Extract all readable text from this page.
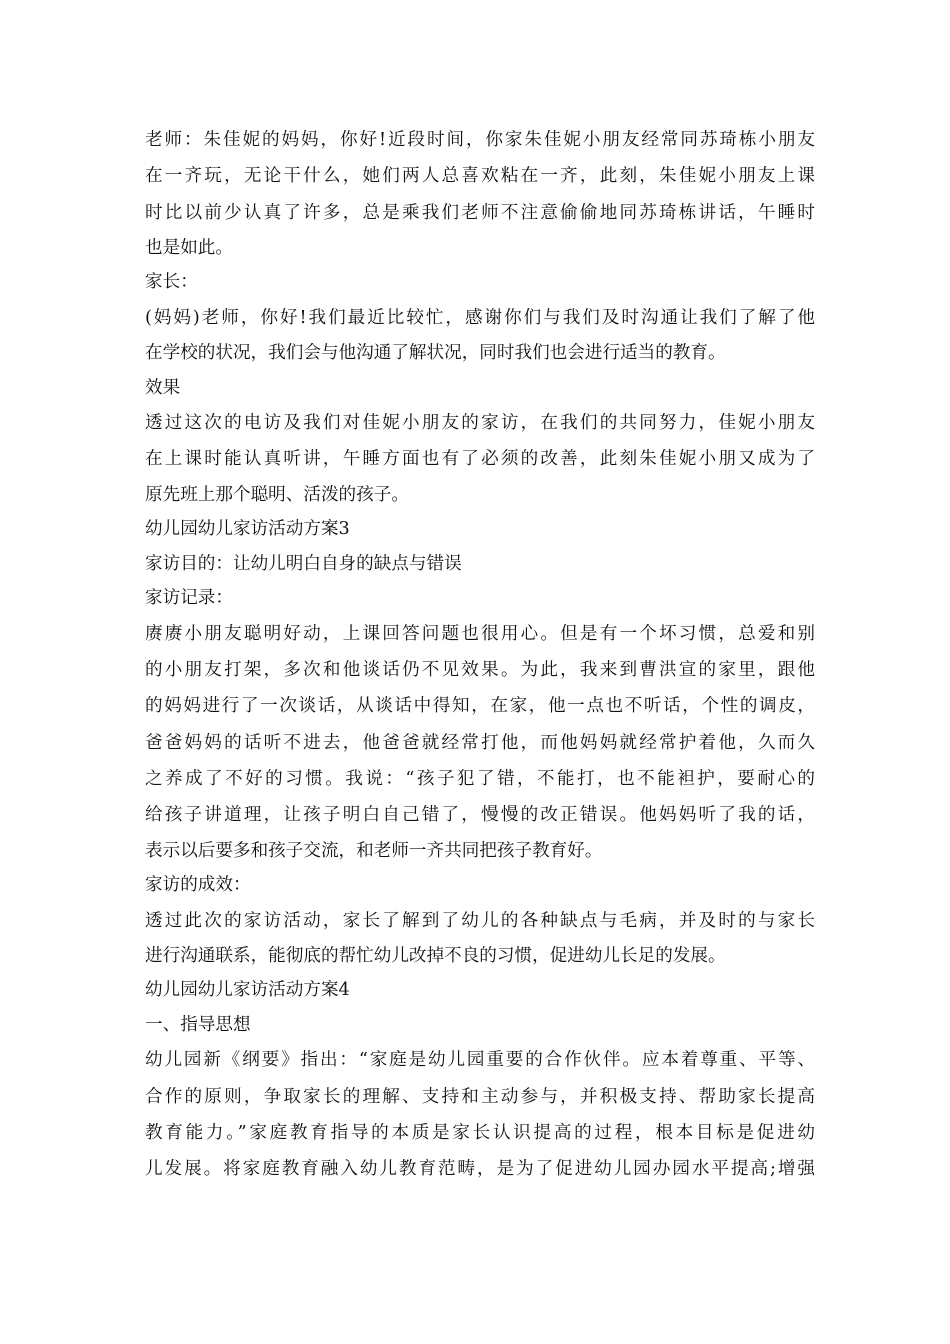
老师：朱佳妮的妈妈，你好!近段时间，你家朱佳妮小朋友经常同苏琦栋小朋友
在一齐玩，无论干什么，她们两人总喜欢粘在一齐，此刻，朱佳妮小朋友上课
时比以前少认真了许多，总是乘我们老师不注意偷偷地同苏琦栋讲话，午睡时
也是如此。
家长：
(妈妈)老师，你好!我们最近比较忙，感谢你们与我们及时沟通让我们了解了他
在学校的状况，我们会与他沟通了解状况，同时我们也会进行适当的教育。
效果
透过这次的电访及我们对佳妮小朋友的家访，在我们的共同努力，佳妮小朋友
在上课时能认真听讲，午睡方面也有了必须的改善，此刻朱佳妮小朋又成为了
原先班上那个聪明、活泼的孩子。
幼儿园幼儿家访活动方案3
家访目的：让幼儿明白自身的缺点与错误
家访记录：
赓赓小朋友聪明好动，上课回答问题也很用心。但是有一个坏习惯，总爱和别
的小朋友打架，多次和他谈话仍不见效果。为此，我来到曹洪宣的家里，跟他
的妈妈进行了一次谈话，从谈话中得知，在家，他一点也不听话，个性的调皮，
爸爸妈妈的话听不进去，他爸爸就经常打他，而他妈妈就经常护着他，久而久
之养成了不好的习惯。我说：“孩子犯了错，不能打，也不能袒护，要耐心的
给孩子讲道理，让孩子明白自己错了，慢慢的改正错误。他妈妈听了我的话，
表示以后要多和孩子交流，和老师一齐共同把孩子教育好。
家访的成效：
透过此次的家访活动，家长了解到了幼儿的各种缺点与毛病，并及时的与家长
进行沟通联系，能彻底的帮忙幼儿改掉不良的习惯，促进幼儿长足的发展。
幼儿园幼儿家访活动方案4
一、指导思想
幼儿园新《纲要》指出：“家庭是幼儿园重要的合作伙伴。应本着尊重、平等、
合作的原则，争取家长的理解、支持和主动参与，并积极支持、帮助家长提高
教育能力。”家庭教育指导的本质是家长认识提高的过程，根本目标是促进幼
儿发展。将家庭教育融入幼儿教育范畴，是为了促进幼儿园办园水平提高;增强
